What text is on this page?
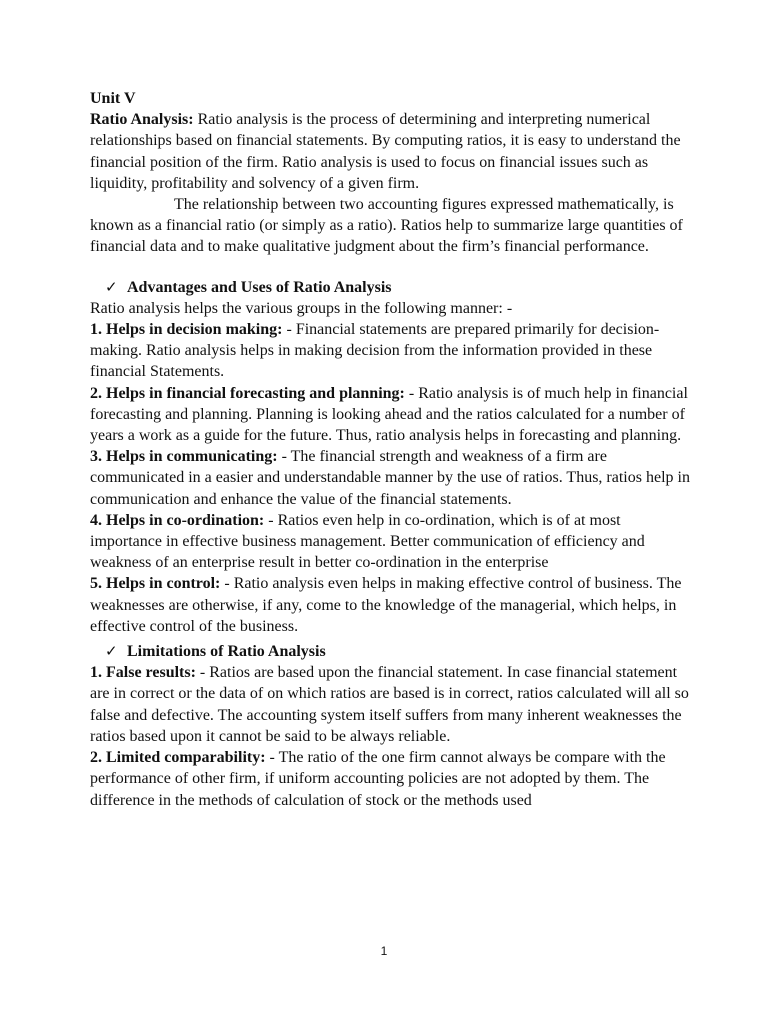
Unit V

Ratio Analysis: Ratio analysis is the process of determining and interpreting numerical relationships based on financial statements. By computing ratios, it is easy to understand the financial position of the firm. Ratio analysis is used to focus on financial issues such as liquidity, profitability and solvency of a given firm.

The relationship between two accounting figures expressed mathematically, is known as a financial ratio (or simply as a ratio). Ratios help to summarize large quantities of financial data and to make qualitative judgment about the firm’s financial performance.

✓ Advantages and Uses of Ratio Analysis

Ratio analysis helps the various groups in the following manner: -

1. Helps in decision making: - Financial statements are prepared primarily for decision-making. Ratio analysis helps in making decision from the information provided in these financial Statements.

2. Helps in financial forecasting and planning: - Ratio analysis is of much help in financial forecasting and planning. Planning is looking ahead and the ratios calculated for a number of years a work as a guide for the future. Thus, ratio analysis helps in forecasting and planning.

3. Helps in communicating: - The financial strength and weakness of a firm are communicated in a easier and understandable manner by the use of ratios. Thus, ratios help in communication and enhance the value of the financial statements.

4. Helps in co-ordination: - Ratios even help in co-ordination, which is of at most importance in effective business management. Better communication of efficiency and weakness of an enterprise result in better co-ordination in the enterprise

5. Helps in control: - Ratio analysis even helps in making effective control of business. The weaknesses are otherwise, if any, come to the knowledge of the managerial, which helps, in effective control of the business.

✓ Limitations of Ratio Analysis

1. False results: - Ratios are based upon the financial statement. In case financial statement are in correct or the data of on which ratios are based is in correct, ratios calculated will all so false and defective. The accounting system itself suffers from many inherent weaknesses the ratios based upon it cannot be said to be always reliable.

2. Limited comparability: - The ratio of the one firm cannot always be compare with the performance of other firm, if uniform accounting policies are not adopted by them. The difference in the methods of calculation of stock or the methods used

1
